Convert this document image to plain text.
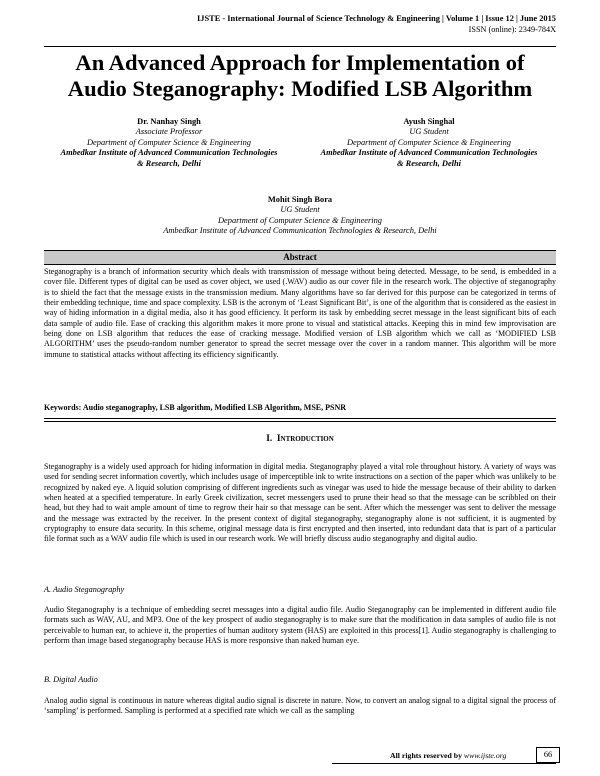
IJSTE - International Journal of Science Technology & Engineering | Volume 1 | Issue 12 | June 2015
ISSN (online): 2349-784X
An Advanced Approach for Implementation of
Audio Steganography: Modified LSB Algorithm
Dr. Nanhay Singh
Associate Professor
Department of Computer Science & Engineering
Ambedkar Institute of Advanced Communication Technologies
& Research, Delhi
Ayush Singhal
UG Student
Department of Computer Science & Engineering
Ambedkar Institute of Advanced Communication Technologies
& Research, Delhi
Mohit Singh Bora
UG Student
Department of Computer Science & Engineering
Ambedkar Institute of Advanced Communication Technologies & Research, Delhi
Abstract

Steganography is a branch of information security which deals with transmission of message without being detected. Message, to be send, is embedded in a cover file. Different types of digital can be used as cover object, we used (.WAV) audio as our cover file in the research work. The objective of steganography is to shield the fact that the message exists in the transmission medium. Many algorithms have so far derived for this purpose can be categorized in terms of their embedding technique, time and space complexity. LSB is the acronym of ‘Least Significant Bit’, is one of the algorithm that is considered as the easiest in way of hiding information in a digital media, also it has good efficiency. It perform its task by embedding secret message in the least significant bits of each data sample of audio file. Ease of cracking this algorithm makes it more prone to visual and statistical attacks. Keeping this in mind few improvisation are being done on LSB algorithm that reduces the ease of cracking message. Modified version of LSB algorithm which we call as ‘MODIFIED LSB ALGORITHM’ uses the pseudo-random number generator to spread the secret message over the cover in a random manner. This algorithm will be more immune to statistical attacks without affecting its efficiency significantly.

Keywords: Audio steganography, LSB algorithm, Modified LSB Algorithm, MSE, PSNR

I. Introduction

Steganography is a widely used approach for hiding information in digital media. Steganography played a vital role throughout history. A variety of ways was used for sending secret information covertly, which includes usage of imperceptible ink to write instructions on a section of the paper which was unlikely to be recognized by naked eye. A liquid solution comprising of different ingredients such as vinegar was used to hide the message because of their ability to darken when heated at a specified temperature. In early Greek civilization, secret messengers used to prune their head so that the message can be scribbled on their head, but they had to wait ample amount of time to regrow their hair so that message can be sent. After which the messenger was sent to deliver the message and the message was extracted by the receiver. In the present context of digital steganography, steganography alone is not sufficient, it is augmented by cryptography to ensure data security. In this scheme, original message data is first encrypted and then inserted, into redundant data that is part of a particular file format such as a WAV audio file which is used in our research work. We will briefly discuss audio steganography and digital audio.

A. Audio Steganography

Audio Steganography is a technique of embedding secret messages into a digital audio file. Audio Steganography can be implemented in different audio file formats such as WAV, AU, and MP3. One of the key prospect of audio steganography is to make sure that the modification in data samples of audio file is not perceivable to human ear, to achieve it, the properties of human auditory system (HAS) are exploited in this process[1]. Audio steganography is challenging to perform than image based steganography because HAS is more responsive than naked human eye.

B. Digital Audio

Analog audio signal is continuous in nature whereas digital audio signal is discrete in nature. Now, to convert an analog signal to a digital signal the process of ‘sampling’ is performed. Sampling is performed at a specified rate which we call as the sampling

All rights reserved by www.ijste.org	66
